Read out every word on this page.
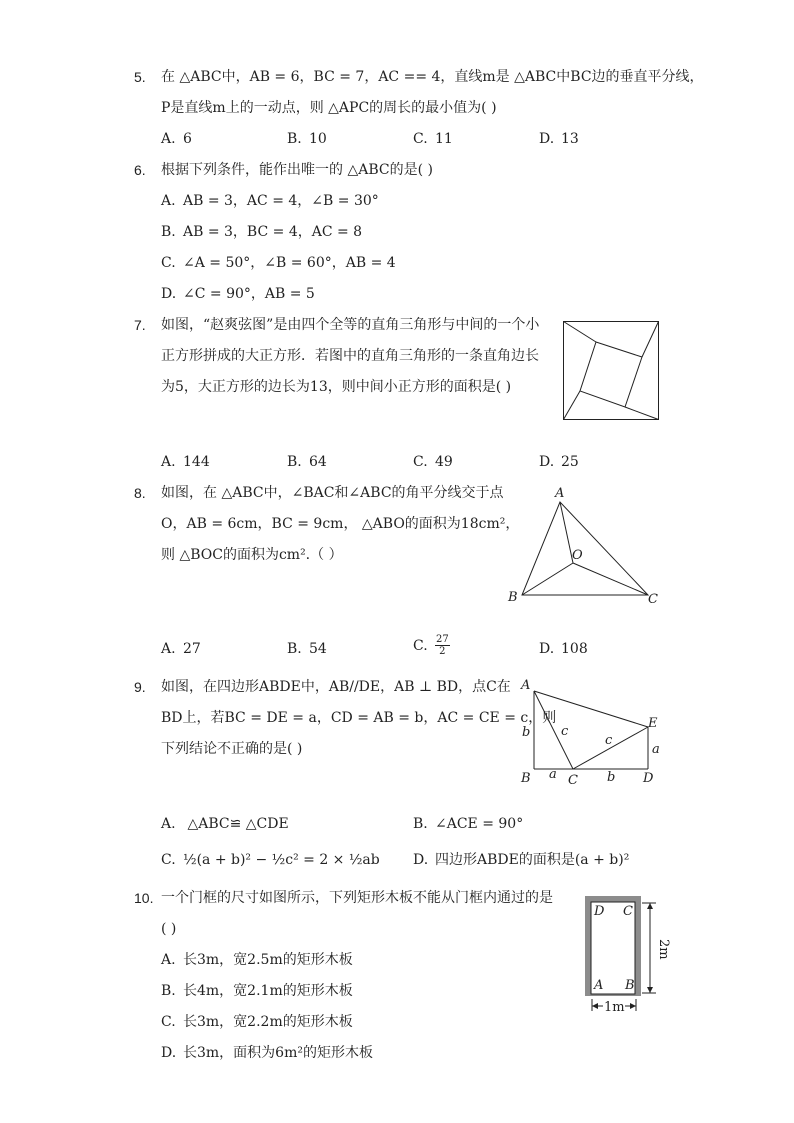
5. 在 △ABC中，AB = 6，BC = 7，AC == 4，直线m是 △ABC中BC边的垂直平分线，
P是直线m上的一动点，则 △APC的周长的最小值为( )
A. 6	B. 10	C. 11	D. 13
6. 根据下列条件，能作出唯一的 △ABC的是( )
A. AB = 3，AC = 4，∠B = 30°
B. AB = 3，BC = 4，AC = 8
C. ∠A = 50°，∠B = 60°，AB = 4
D. ∠C = 90°，AB = 5
7. 如图，“赵爽弦图”是由四个全等的直角三角形与中间的一个小
正方形拼成的大正方形．若图中的直角三角形的一条直角边长
为5，大正方形的边长为13，则中间小正方形的面积是( )
A. 144	B. 64	C. 49	D. 25
8. 如图，在 △ABC中，∠BAC和∠ABC的角平分线交于点
O，AB = 6cm，BC = 9cm， △ABO的面积为18cm²，
则 △BOC的面积为cm².（ ）
A
B	C
O
A. 27	B. 54	C. $\frac{27}{2}$	D. 108
9. 如图，在四边形ABDE中，AB//DE，AB ⊥ BD，点C在
BD上，若BC = DE = a，CD = AB = b，AC = CE = c，则
下列结论不正确的是( )
A
B	C	D
E
b c
c
a
a	b
A. △ABC≌ △CDE	B. ∠ACE = 90°
C. ½(a + b)² − ½c² = 2 × ½ab D. 四边形ABDE的面积是(a + b)²
10. 一个门框的尺寸如图所示，下列矩形木板不能从门框内通过的是
( )
A. 长3m，宽2.5m的矩形木板
B. 长4m，宽2.1m的矩形木板
C. 长3m，宽2.2m的矩形木板
D. 长3m，面积为6m²的矩形木板
D C
A B
2m
1m
